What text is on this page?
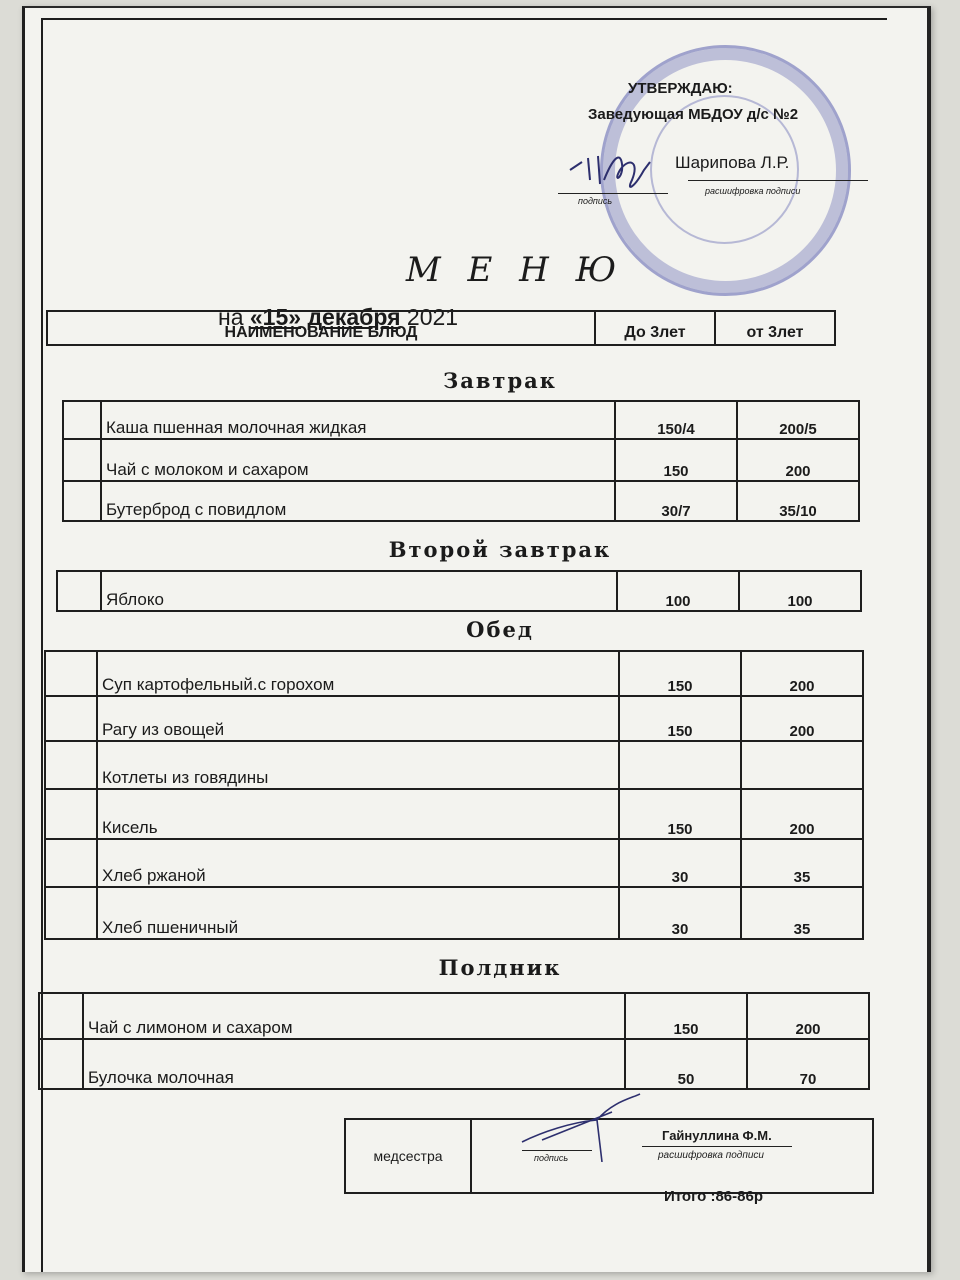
УТВЕРЖДАЮ:
Заведующая МБДОУ д/с №2
Шарипова Л.Р.
подпись
расшифровка подписи
М Е Н Ю
на «15» декабря 2021
НАИМЕНОВАНИЕ БЛЮД	До 3лет	от 3лет
Завтрак
	Каша пшенная молочная жидкая	150/4	200/5
	Чай с молоком и сахаром	150	200
	Бутерброд с повидлом	30/7	35/10
Второй завтрак
	Яблоко	100	100
Обед
	Суп картофельный.с горохом	150	200
	Рагу из овощей	150	200
	Котлеты из говядины		
	Кисель	150	200
	Хлеб ржаной	30	35
	Хлеб пшеничный	30	35
Полдник
	Чай с лимоном и сахаром	150	200
	Булочка молочная	50	70
медсестра	подпись
Гайнуллина Ф.М.
расшифровка подписи
Итого :86-86р
